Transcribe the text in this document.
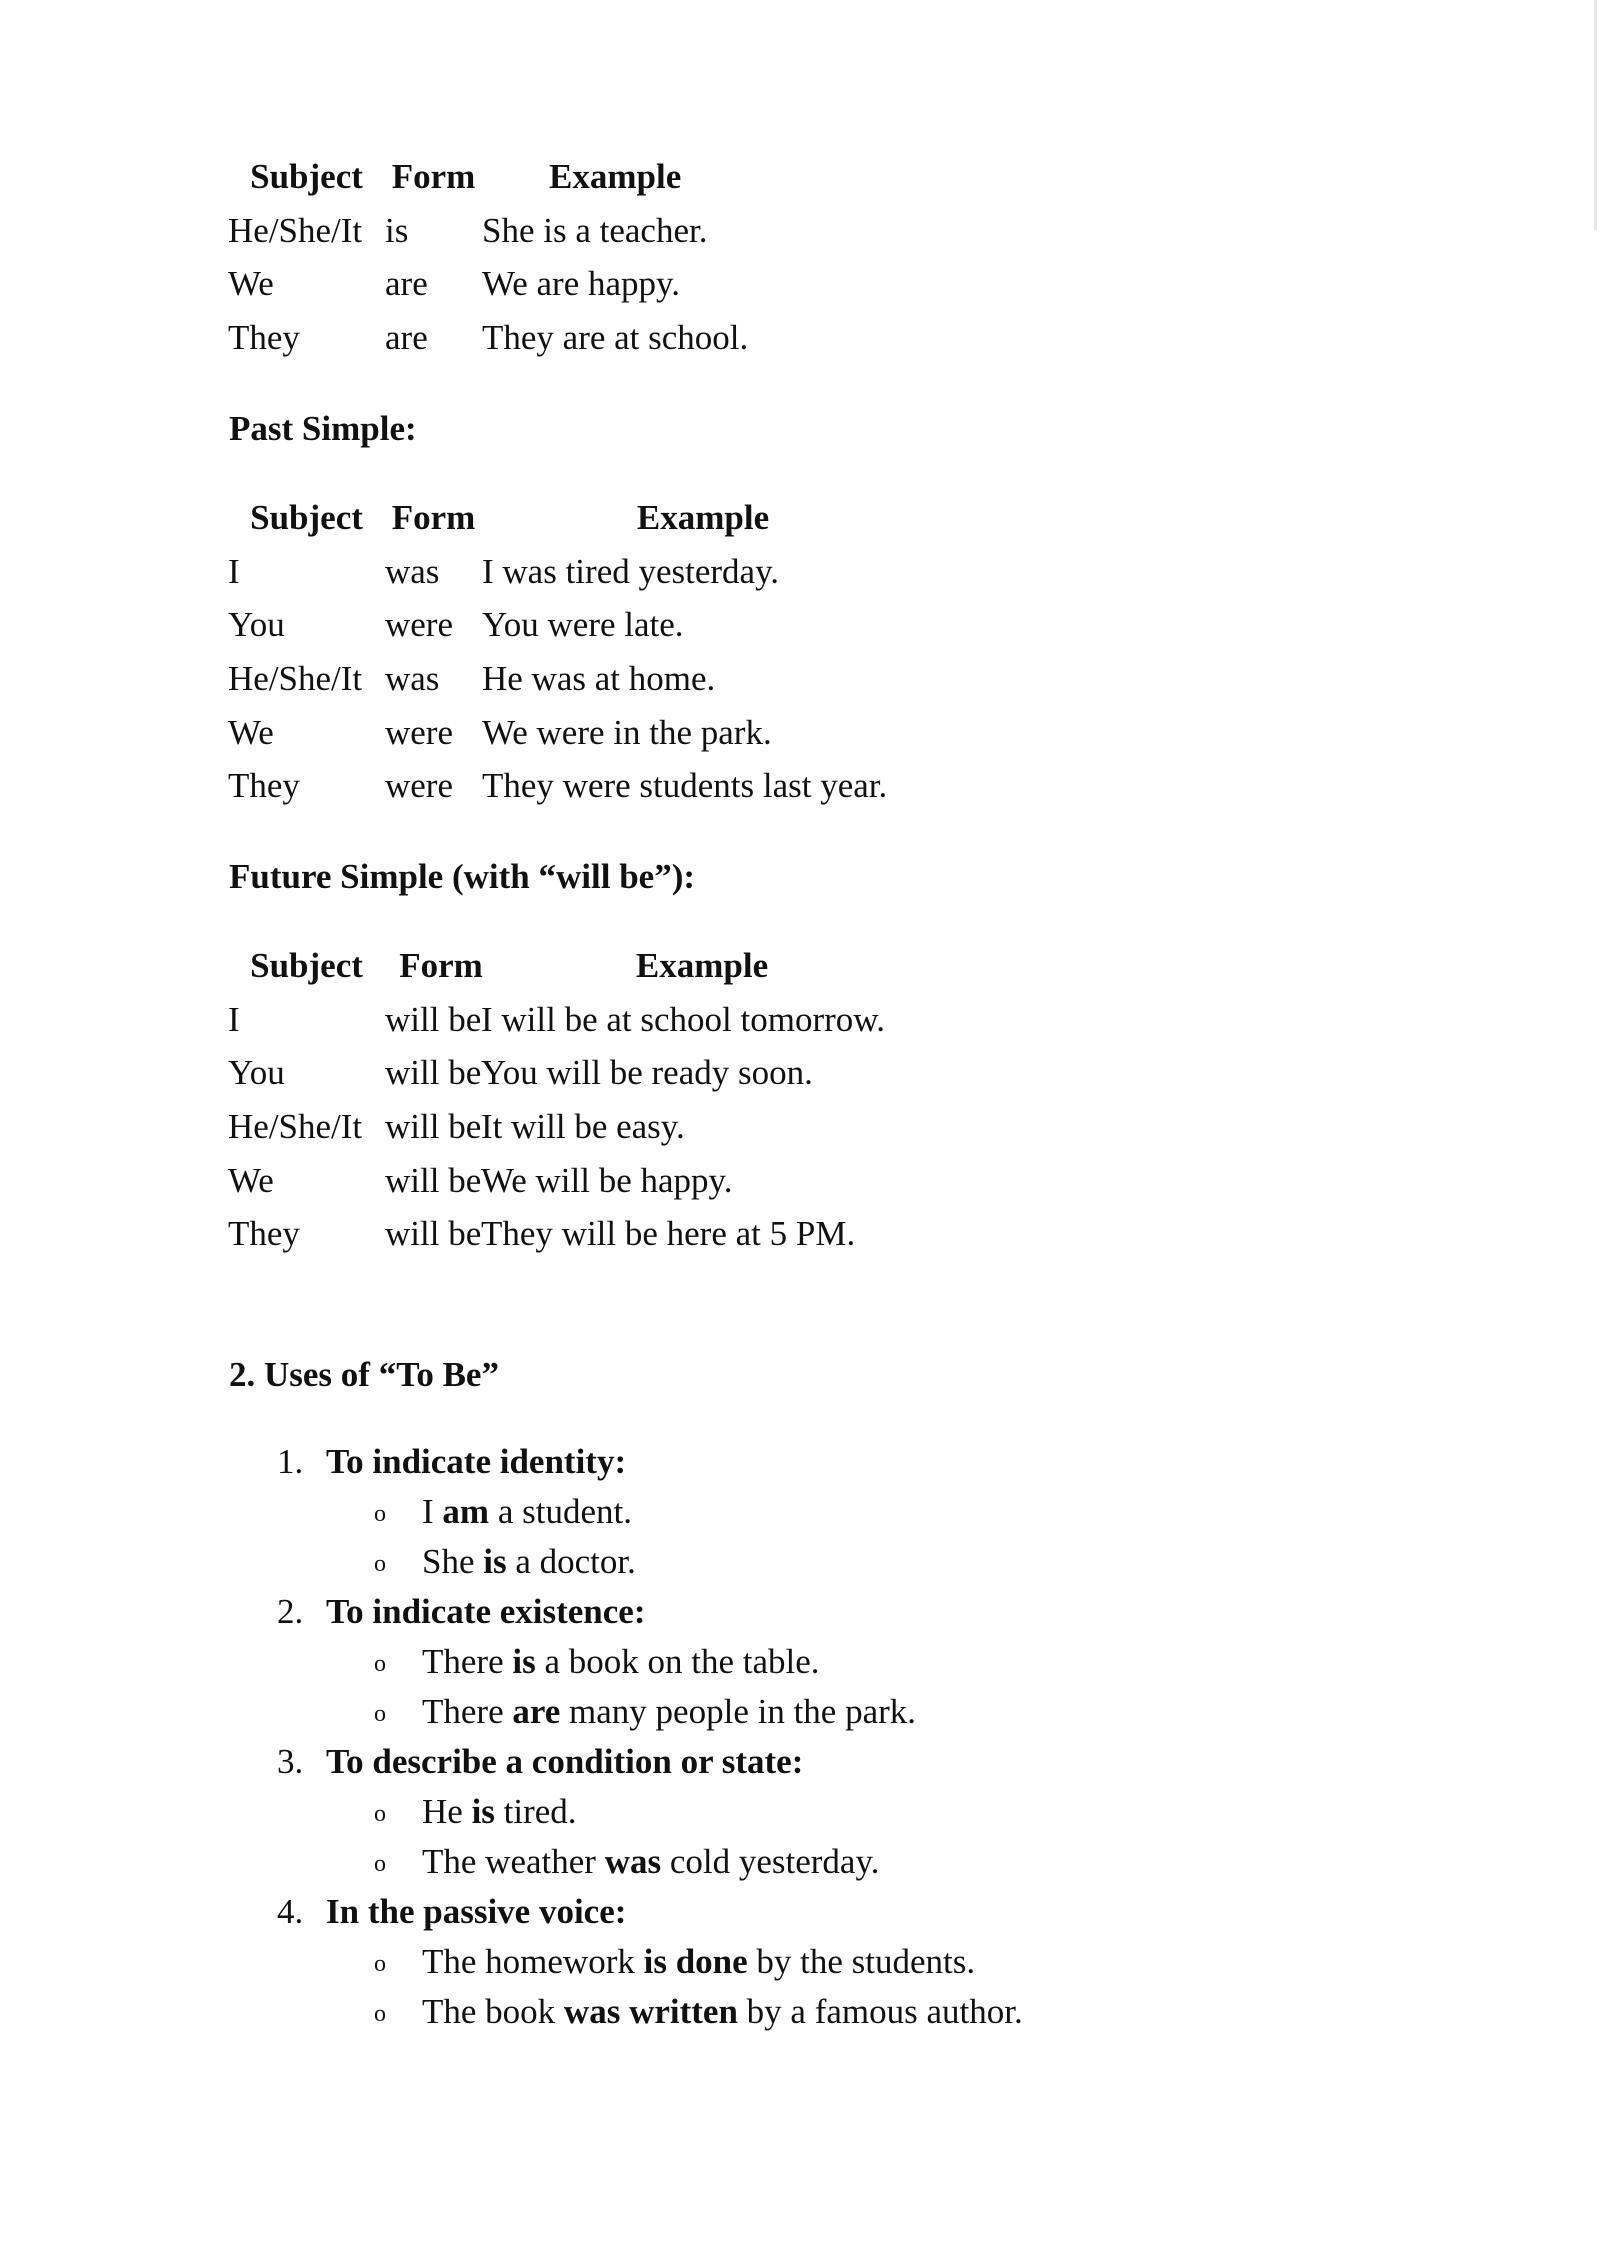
Subject	Form	Example
He/She/It	is	She is a teacher.
We	are	We are happy.
They	are	They are at school.
Past Simple:
Subject	Form	Example
I	was	I was tired yesterday.
You	were	You were late.
He/She/It	was	He was at home.
We	were	We were in the park.
They	were	They were students last year.
Future Simple (with “will be”):
Subject	Form	Example
I	will be	I will be at school tomorrow.
You	will be	You will be ready soon.
He/She/It	will be	It will be easy.
We	will be	We will be happy.
They	will be	They will be here at 5 PM.
2. Uses of “To Be”
1. To indicate identity:
o I am a student.
o She is a doctor.
2. To indicate existence:
o There is a book on the table.
o There are many people in the park.
3. To describe a condition or state:
o He is tired.
o The weather was cold yesterday.
4. In the passive voice:
o The homework is done by the students.
o The book was written by a famous author.
